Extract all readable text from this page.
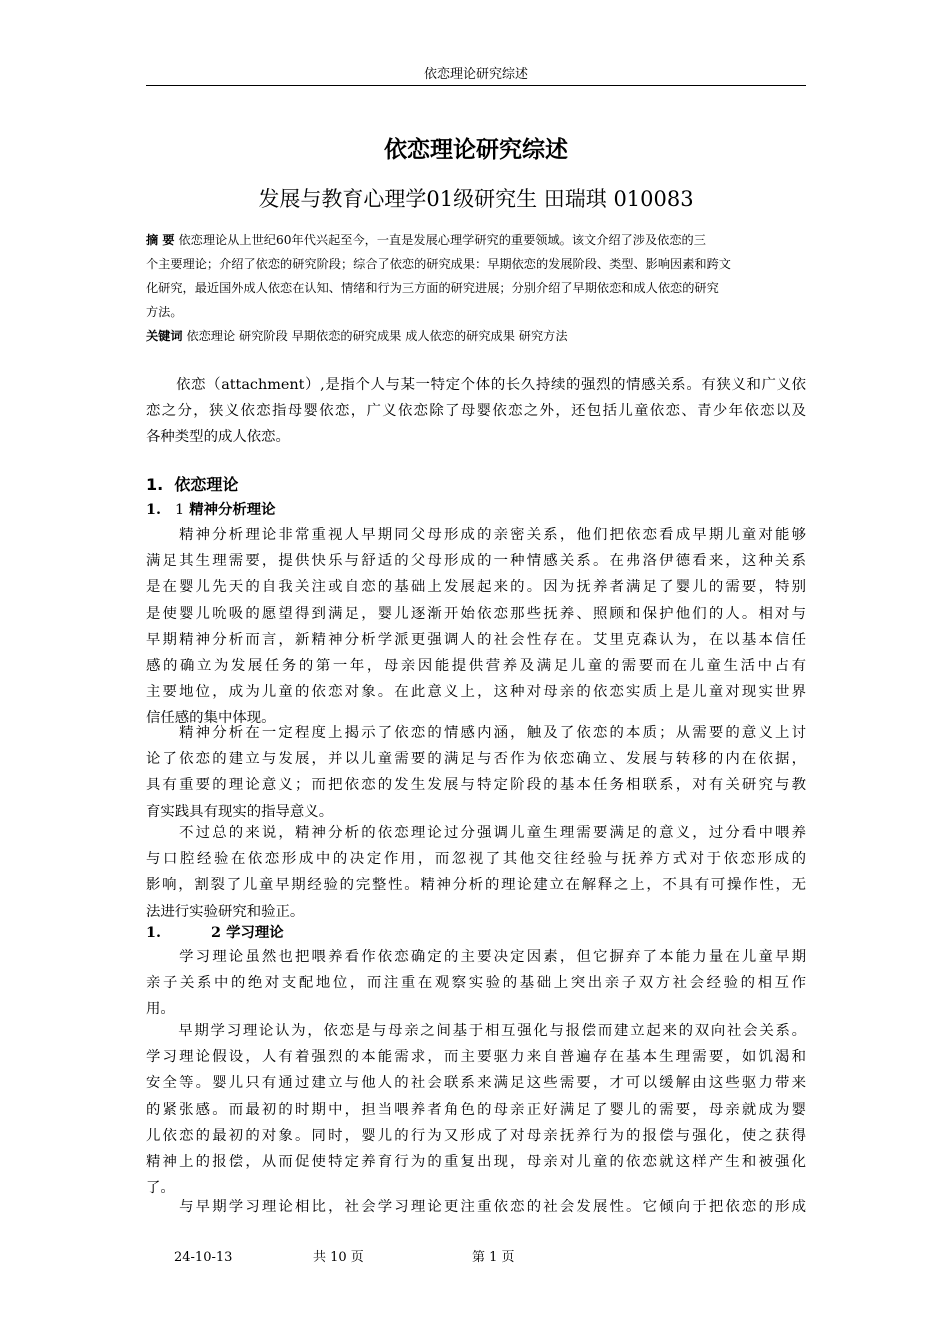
依恋理论研究综述
依恋理论研究综述
发展与教育心理学01级研究生 田瑞琪 010083
摘 要 依恋理论从上世纪60年代兴起至今，一直是发展心理学研究的重要领域。该文介绍了涉及依恋的三
个主要理论；介绍了依恋的研究阶段；综合了依恋的研究成果：早期依恋的发展阶段、类型、影响因素和跨文
化研究，最近国外成人依恋在认知、情绪和行为三方面的研究进展；分别介绍了早期依恋和成人依恋的研究
方法。
关键词 依恋理论 研究阶段 早期依恋的研究成果 成人依恋的研究成果 研究方法
　　依恋（attachment）,是指个人与某一特定个体的长久持续的强烈的情感关系。有狭义和广义依
恋之分，狭义依恋指母婴依恋，广义依恋除了母婴依恋之外，还包括儿童依恋、青少年依恋以及
各种类型的成人依恋。
1. 依恋理论
1. 1 精神分析理论
　　精神分析理论非常重视人早期同父母形成的亲密关系，他们把依恋看成早期儿童对能够
满足其生理需要，提供快乐与舒适的父母形成的一种情感关系。在弗洛伊德看来，这种关系
是在婴儿先天的自我关注或自恋的基础上发展起来的。因为抚养者满足了婴儿的需要，特别
是使婴儿吮吸的愿望得到满足，婴儿逐渐开始依恋那些抚养、照顾和保护他们的人。相对与
早期精神分析而言，新精神分析学派更强调人的社会性存在。艾里克森认为，在以基本信任
感的确立为发展任务的第一年，母亲因能提供营养及满足儿童的需要而在儿童生活中占有
主要地位，成为儿童的依恋对象。在此意义上，这种对母亲的依恋实质上是儿童对现实世界
信任感的集中体现。
　　精神分析在一定程度上揭示了依恋的情感内涵，触及了依恋的本质；从需要的意义上讨
论了依恋的建立与发展，并以儿童需要的满足与否作为依恋确立、发展与转移的内在依据，
具有重要的理论意义；而把依恋的发生发展与特定阶段的基本任务相联系，对有关研究与教
育实践具有现实的指导意义。
　　不过总的来说，精神分析的依恋理论过分强调儿童生理需要满足的意义，过分看中喂养
与口腔经验在依恋形成中的决定作用，而忽视了其他交往经验与抚养方式对于依恋形成的
影响，割裂了儿童早期经验的完整性。精神分析的理论建立在解释之上，不具有可操作性，无
法进行实验研究和验正。
1.	2 学习理论
　　学习理论虽然也把喂养看作依恋确定的主要决定因素，但它摒弃了本能力量在儿童早期
亲子关系中的绝对支配地位，而注重在观察实验的基础上突出亲子双方社会经验的相互作
用。
　　早期学习理论认为，依恋是与母亲之间基于相互强化与报偿而建立起来的双向社会关系。
学习理论假设，人有着强烈的本能需求，而主要驱力来自普遍存在基本生理需要，如饥渴和
安全等。婴儿只有通过建立与他人的社会联系来满足这些需要，才可以缓解由这些驱力带来
的紧张感。而最初的时期中，担当喂养者角色的母亲正好满足了婴儿的需要，母亲就成为婴
儿依恋的最初的对象。同时，婴儿的行为又形成了对母亲抚养行为的报偿与强化，使之获得
精神上的报偿，从而促使特定养育行为的重复出现，母亲对儿童的依恋就这样产生和被强化
了。
　　与早期学习理论相比，社会学习理论更注重依恋的社会发展性。它倾向于把依恋的形成
24-10-13	共 10 页	第 1 页
